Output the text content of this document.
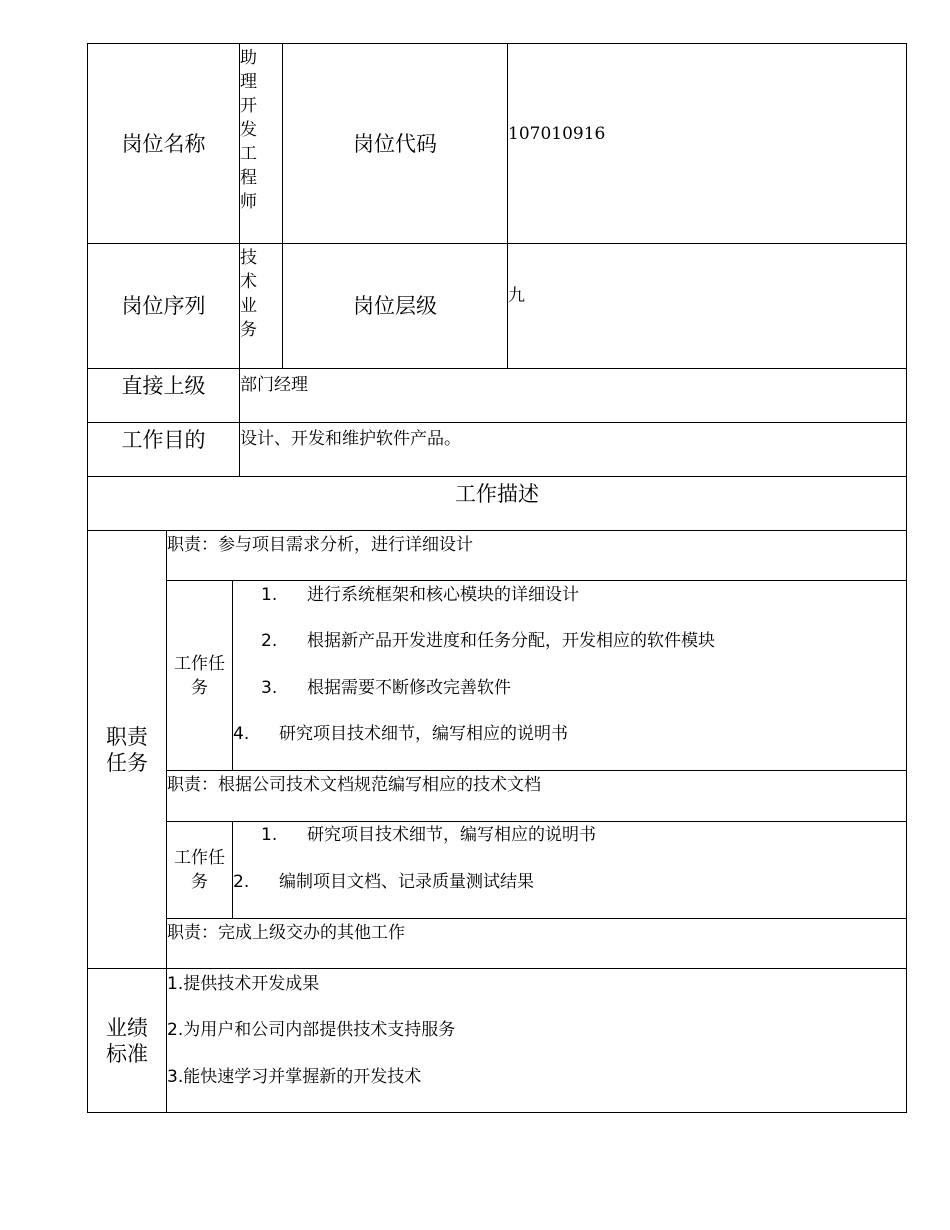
岗位名称
助理开发工程师
岗位代码	107010916
岗位序列
技术业务
岗位层级	九
直接上级 部门经理
工作目的 设计、开发和维护软件产品。
工作描述
职责任务
职责：参与项目需求分析，进行详细设计
工作任务
1. 进行系统框架和核心模块的详细设计
2. 根据新产品开发进度和任务分配，开发相应的软件模块
3. 根据需要不断修改完善软件
4. 研究项目技术细节，编写相应的说明书
职责：根据公司技术文档规范编写相应的技术文档
工作任务
1. 研究项目技术细节，编写相应的说明书
2. 编制项目文档、记录质量测试结果
职责：完成上级交办的其他工作
业绩标准
1.提供技术开发成果
2.为用户和公司内部提供技术支持服务
3.能快速学习并掌握新的开发技术
